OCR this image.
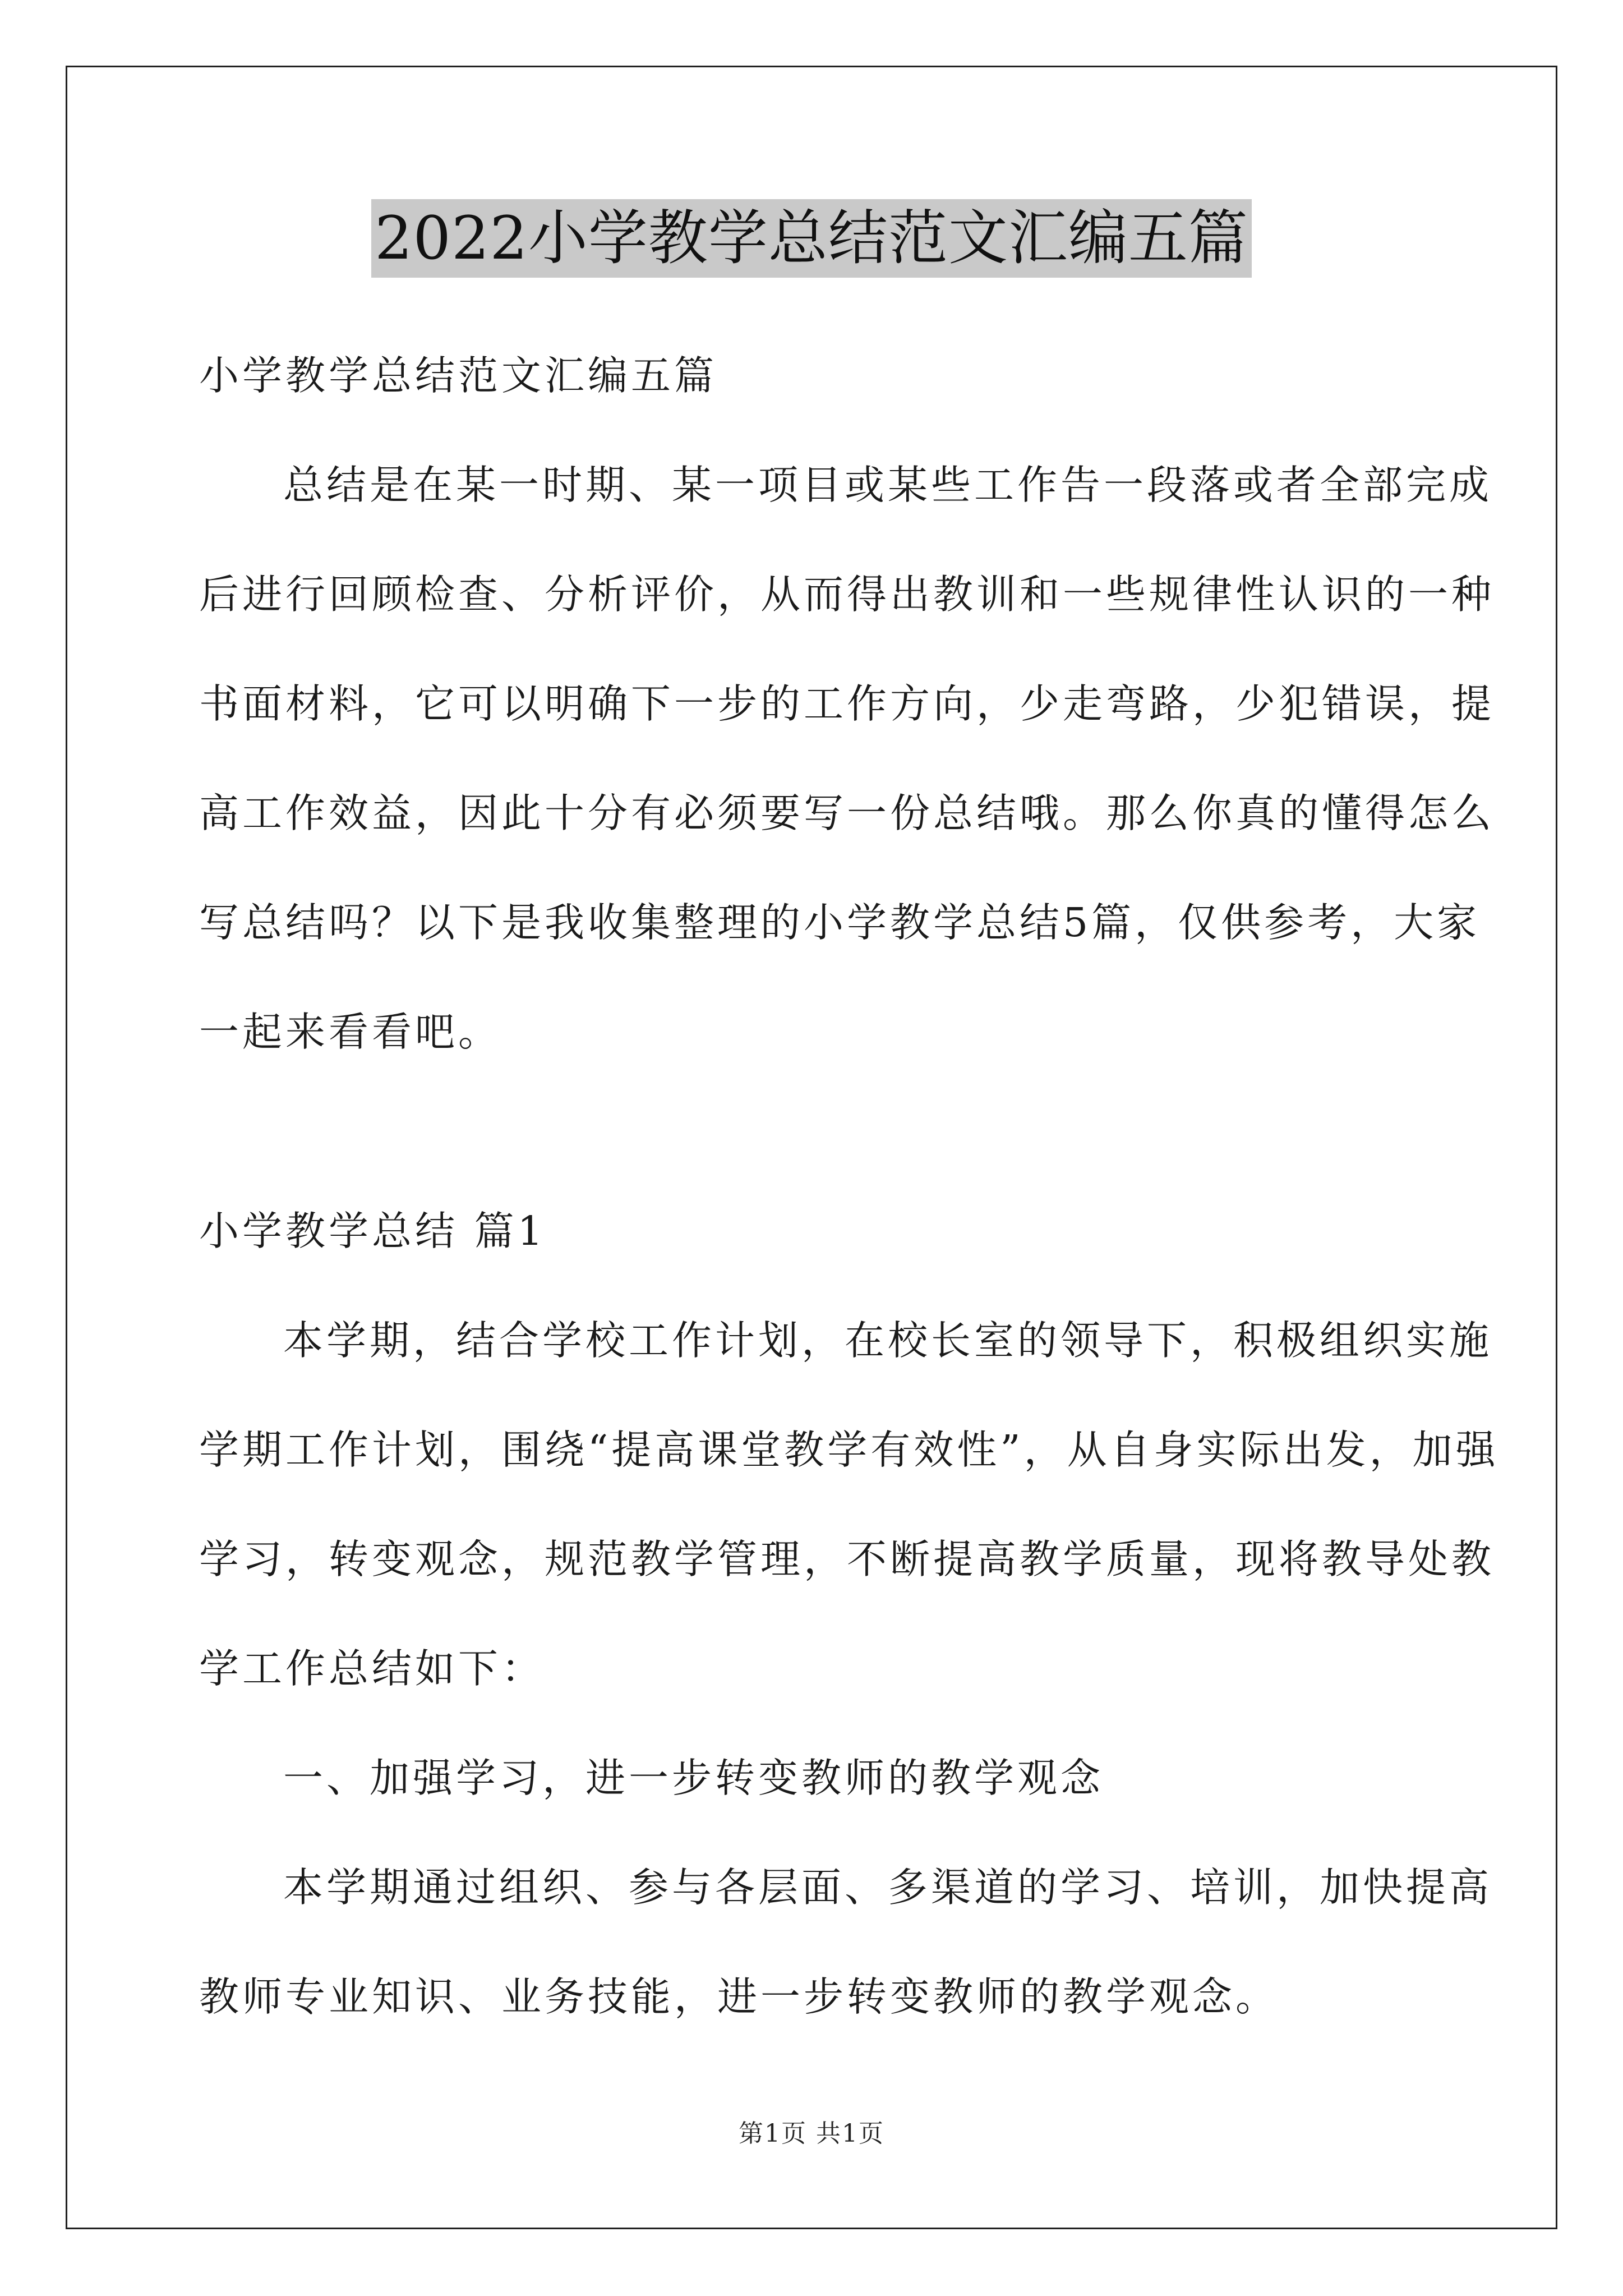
2022小学教学总结范文汇编五篇
小学教学总结范文汇编五篇
总结是在某一时期、某一项目或某些工作告一段落或者全部完成
后进行回顾检查、分析评价，从而得出教训和一些规律性认识的一种
书面材料，它可以明确下一步的工作方向，少走弯路，少犯错误，提
高工作效益，因此十分有必须要写一份总结哦。那么你真的懂得怎么
写总结吗？以下是我收集整理的小学教学总结5篇，仅供参考，大家
一起来看看吧。
小学教学总结 篇1
本学期，结合学校工作计划，在校长室的领导下，积极组织实施
学期工作计划，围绕“提高课堂教学有效性”，从自身实际出发，加强
学习，转变观念，规范教学管理，不断提高教学质量，现将教导处教
学工作总结如下：
一、加强学习，进一步转变教师的教学观念
本学期通过组织、参与各层面、多渠道的学习、培训，加快提高
教师专业知识、业务技能，进一步转变教师的教学观念。
第1页 共1页
